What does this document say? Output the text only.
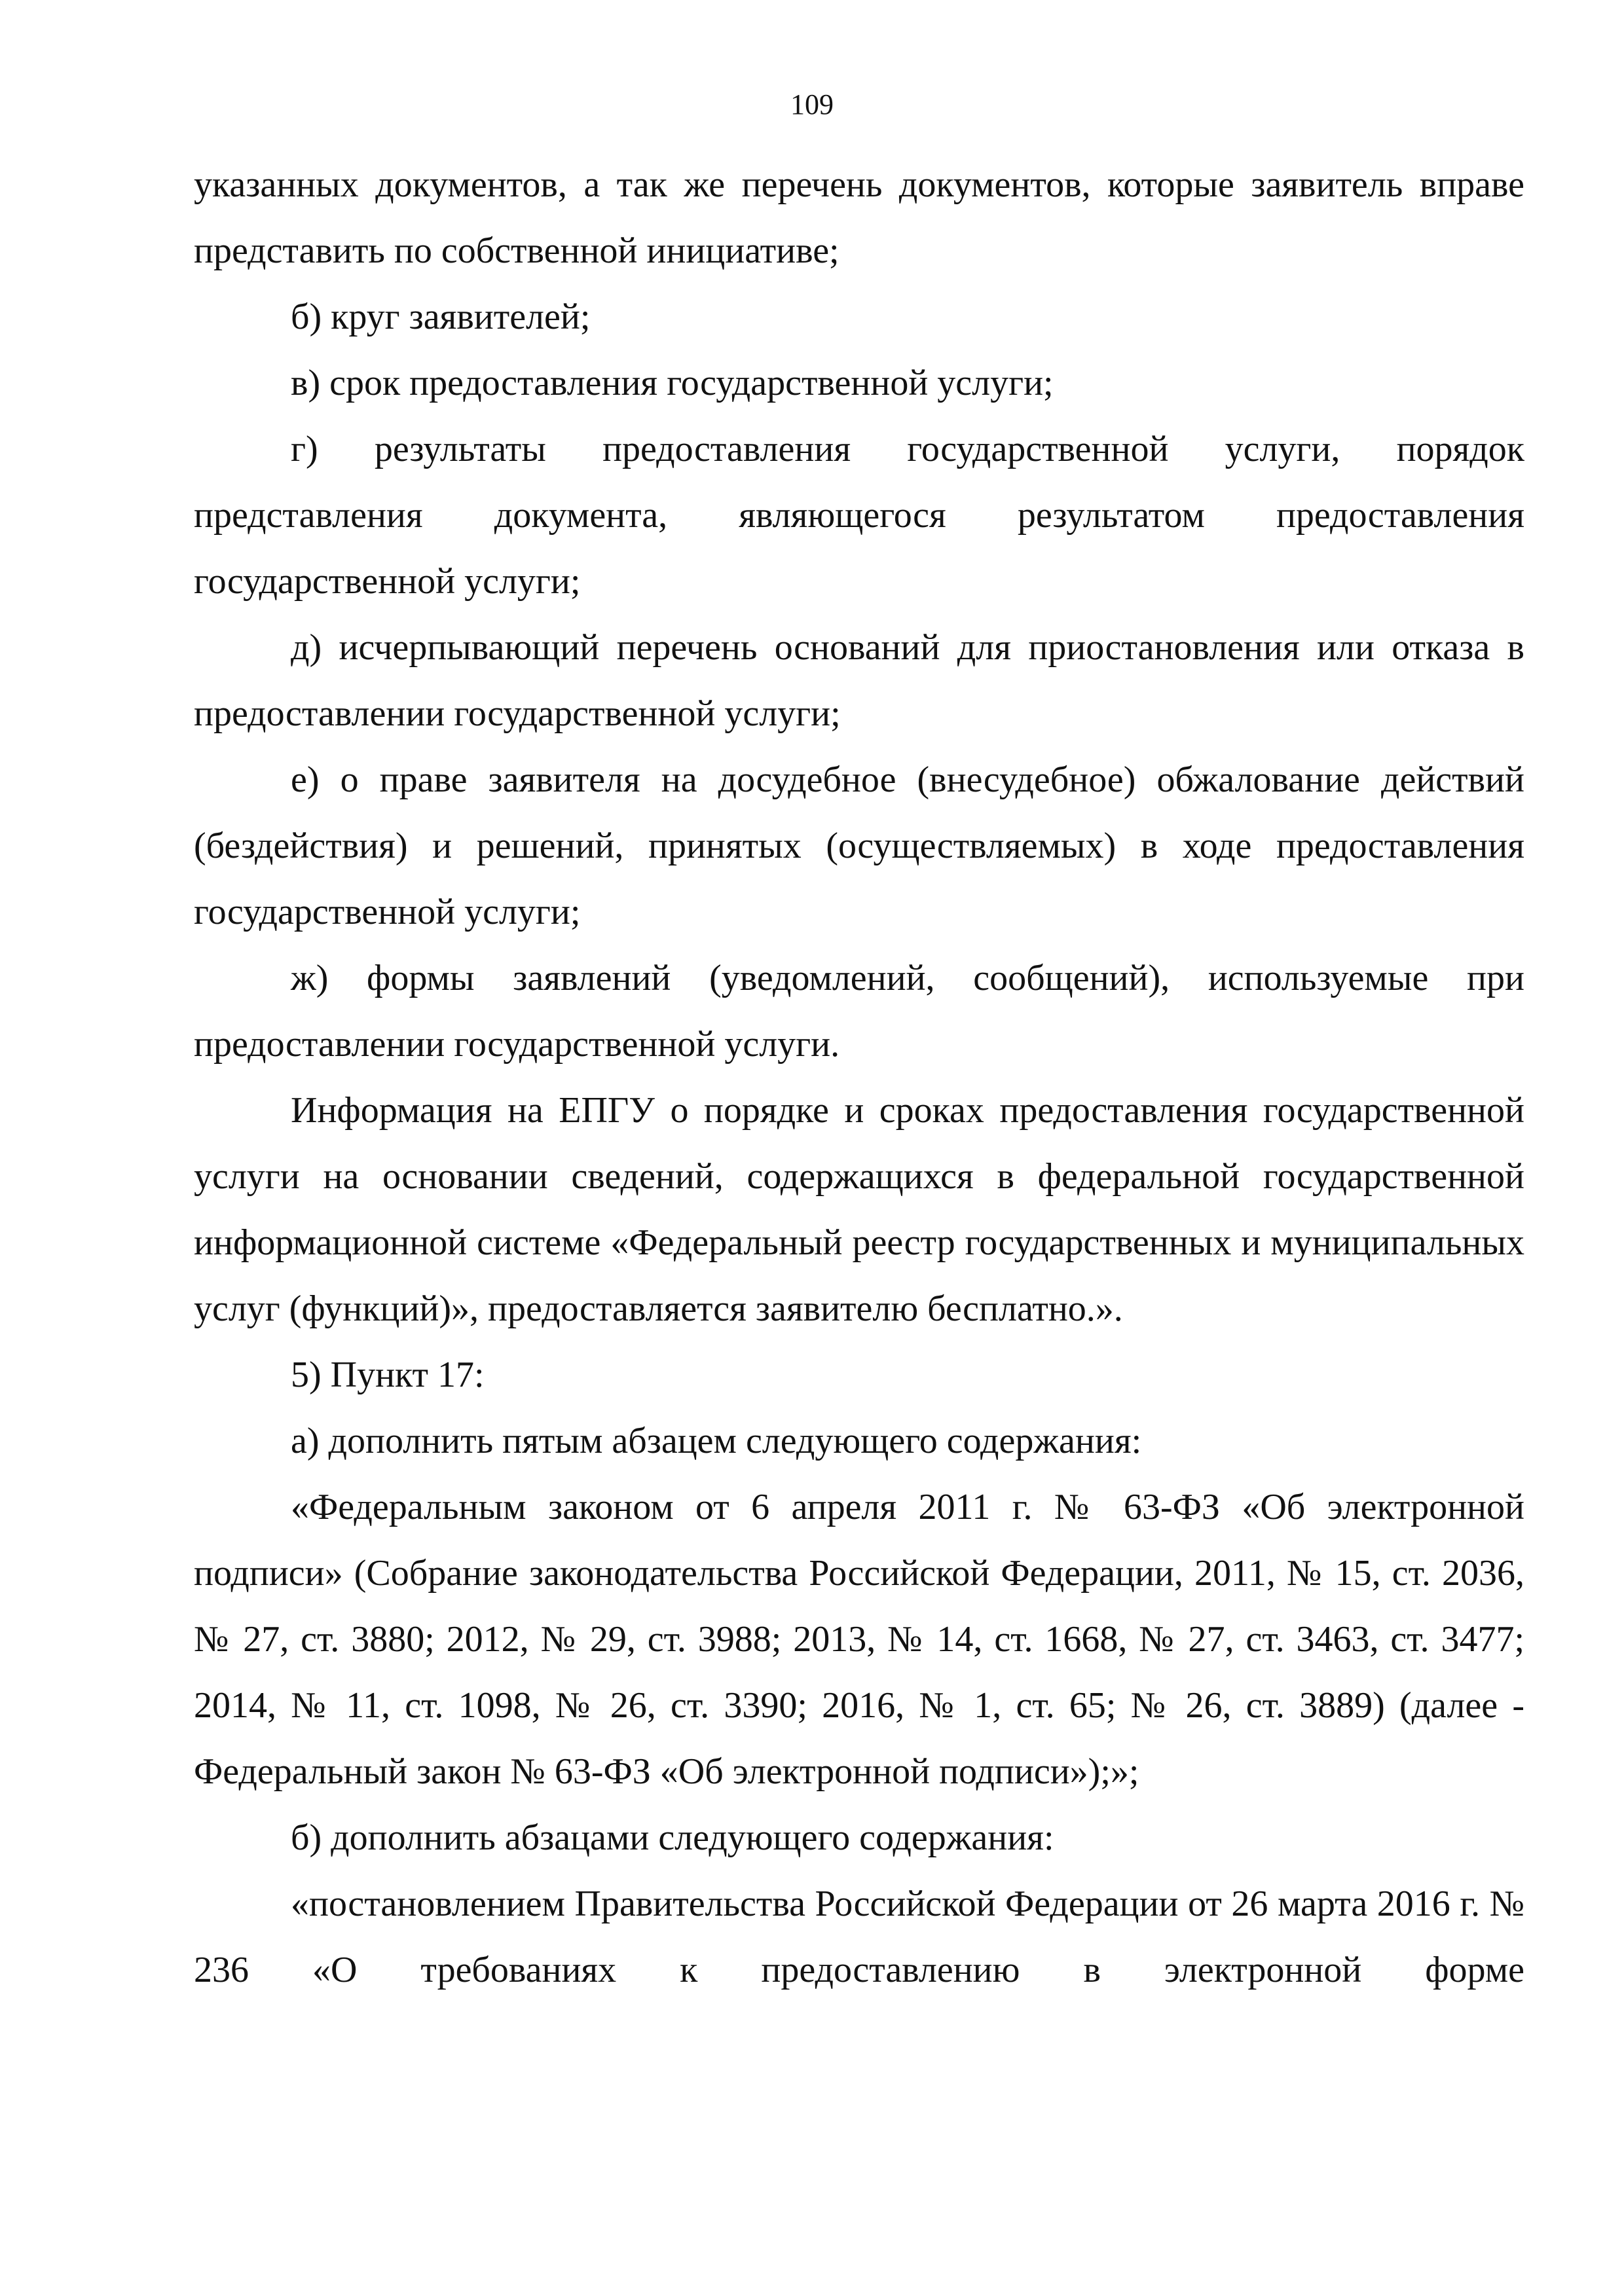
109

указанных документов, а так же перечень документов, которые заявитель вправе представить по собственной инициативе;

б) круг заявителей;

в) срок предоставления государственной услуги;

г) результаты предоставления государственной услуги, порядок представления документа, являющегося результатом предоставления государственной услуги;

д) исчерпывающий перечень оснований для приостановления или отказа в предоставлении государственной услуги;

е) о праве заявителя на досудебное (внесудебное) обжалование действий (бездействия) и решений, принятых (осуществляемых) в ходе предоставления государственной услуги;

ж) формы заявлений (уведомлений, сообщений), используемые при предоставлении государственной услуги.

Информация на ЕПГУ о порядке и сроках предоставления государственной услуги на основании сведений, содержащихся в федеральной государственной информационной системе «Федеральный реестр государственных и муниципальных услуг (функций)», предоставляется заявителю бесплатно.».

5) Пункт 17:

а) дополнить пятым абзацем следующего содержания:

«Федеральным законом от 6 апреля 2011 г. № 63-ФЗ «Об электронной подписи» (Собрание законодательства Российской Федерации, 2011, № 15, ст. 2036, № 27, ст. 3880; 2012, № 29, ст. 3988; 2013, № 14, ст. 1668, № 27, ст. 3463, ст. 3477; 2014, № 11, ст. 1098, № 26, ст. 3390; 2016, № 1, ст. 65; № 26, ст. 3889) (далее - Федеральный закон № 63-ФЗ «Об электронной подписи»);»;

б) дополнить абзацами следующего содержания:

«постановлением Правительства Российской Федерации от 26 марта 2016 г. № 236 «О требованиях к предоставлению в электронной форме
